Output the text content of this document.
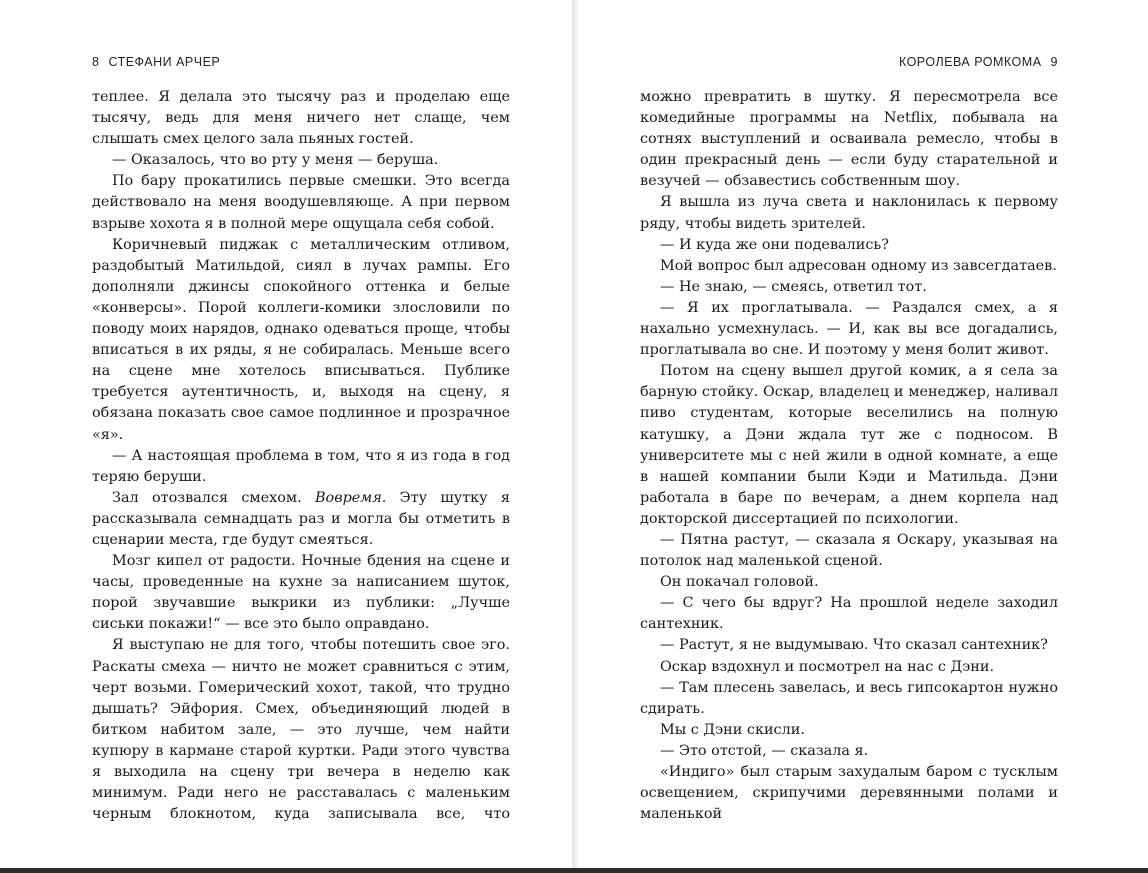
8 СТЕФАНИ АРЧЕР

теплее. Я делала это тысячу раз и проделаю еще тысячу, ведь для меня ничего нет слаще, чем слышать смех целого зала пьяных гостей.

— Оказалось, что во рту у меня — беруша.

По бару прокатились первые смешки. Это всегда действовало на меня воодушевляюще. А при первом взрыве хохота я в полной мере ощущала себя собой.

Коричневый пиджак с металлическим отливом, раздобытый Матильдой, сиял в лучах рампы. Его дополняли джинсы спокойного оттенка и белые «конверсы». Порой коллеги-комики злословили по поводу моих нарядов, однако одеваться проще, чтобы вписаться в их ряды, я не собиралась. Меньше всего на сцене мне хотелось вписываться. Публике требуется аутентичность, и, выходя на сцену, я обязана показать свое самое подлинное и прозрачное «я».

— А настоящая проблема в том, что я из года в год теряю беруши.

Зал отозвался смехом. Вовремя. Эту шутку я рассказывала семнадцать раз и могла бы отметить в сценарии места, где будут смеяться.

Мозг кипел от радости. Ночные бдения на сцене и часы, проведенные на кухне за написанием шуток, порой звучавшие выкрики из публики: „Лучше сиськи покажи!“ — все это было оправдано.

Я выступаю не для того, чтобы потешить свое эго. Раскаты смеха — ничто не может сравниться с этим, черт возьми. Гомерический хохот, такой, что трудно дышать? Эйфория. Смех, объединяющий людей в битком набитом зале, — это лучше, чем найти купюру в кармане старой куртки. Ради этого чувства я выходила на сцену три вечера в неделю как минимум. Ради него не расставалась с маленьким черным блокнотом, куда записывала все, что

КОРОЛЕВА РОМКОМА 9

можно превратить в шутку. Я пересмотрела все комедийные программы на Netflix, побывала на сотнях выступлений и осваивала ремесло, чтобы в один прекрасный день — если буду старательной и везучей — обзавестись собственным шоу.

Я вышла из луча света и наклонилась к первому ряду, чтобы видеть зрителей.

— И куда же они подевались?

Мой вопрос был адресован одному из завсегдатаев.

— Не знаю, — смеясь, ответил тот.

— Я их проглатывала. — Раздался смех, а я нахально усмехнулась. — И, как вы все догадались, проглатывала во сне. И поэтому у меня болит живот.

Потом на сцену вышел другой комик, а я села за барную стойку. Оскар, владелец и менеджер, наливал пиво студентам, которые веселились на полную катушку, а Дэни ждала тут же с подносом. В университете мы с ней жили в одной комнате, а еще в нашей компании были Кэди и Матильда. Дэни работала в баре по вечерам, а днем корпела над докторской диссертацией по психологии.

— Пятна растут, — сказала я Оскару, указывая на потолок над маленькой сценой.

Он покачал головой.

— С чего бы вдруг? На прошлой неделе заходил сантехник.

— Растут, я не выдумываю. Что сказал сантехник?

Оскар вздохнул и посмотрел на нас с Дэни.

— Там плесень завелась, и весь гипсокартон нужно сдирать.

Мы с Дэни скисли.

— Это отстой, — сказала я.

«Индиго» был старым захудалым баром с тусклым освещением, скрипучими деревянными полами и маленькой
